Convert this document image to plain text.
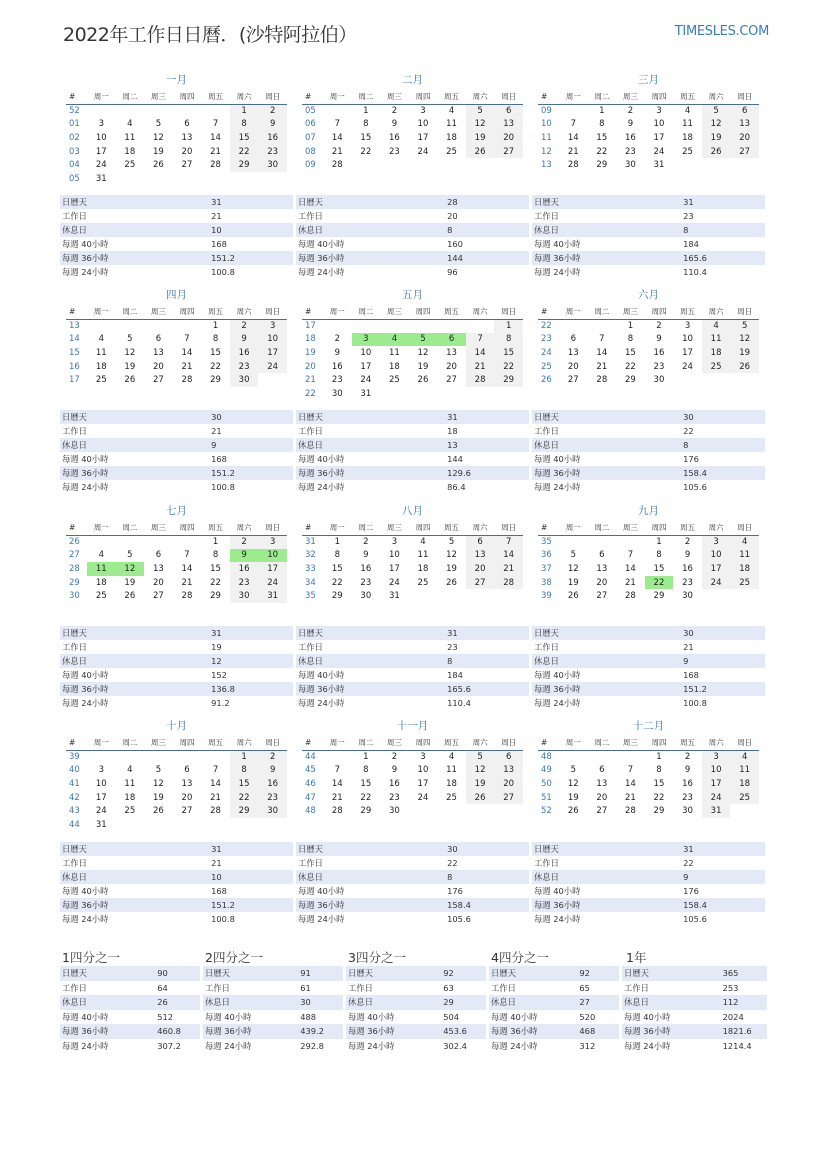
2022年工作日日曆．(沙特阿拉伯）	TIMESLES.COM
一月
#	周一	周二	周三	周四	周五	周六	周日
52						1	2
01	3	4	5	6	7	8	9
02	10	11	12	13	14	15	16
03	17	18	19	20	21	22	23
04	24	25	26	27	28	29	30
05	31						
日曆天	31
工作日	21
休息日	10
每週 40小時	168
每週 36小時	151.2
每週 24小時	100.8
二月
#	周一	周二	周三	周四	周五	周六	周日
05		1	2	3	4	5	6
06	7	8	9	10	11	12	13
07	14	15	16	17	18	19	20
08	21	22	23	24	25	26	27
09	28						
日曆天	28
工作日	20
休息日	8
每週 40小時	160
每週 36小時	144
每週 24小時	96
三月
#	周一	周二	周三	周四	周五	周六	周日
09		1	2	3	4	5	6
10	7	8	9	10	11	12	13
11	14	15	16	17	18	19	20
12	21	22	23	24	25	26	27
13	28	29	30	31			
日曆天	31
工作日	23
休息日	8
每週 40小時	184
每週 36小時	165.6
每週 24小時	110.4
四月
#	周一	周二	周三	周四	周五	周六	周日
13					1	2	3
14	4	5	6	7	8	9	10
15	11	12	13	14	15	16	17
16	18	19	20	21	22	23	24
17	25	26	27	28	29	30	
日曆天	30
工作日	21
休息日	9
每週 40小時	168
每週 36小時	151.2
每週 24小時	100.8
五月
#	周一	周二	周三	周四	周五	周六	周日
17							1
18	2	3	4	5	6	7	8
19	9	10	11	12	13	14	15
20	16	17	18	19	20	21	22
21	23	24	25	26	27	28	29
22	30	31					
日曆天	31
工作日	18
休息日	13
每週 40小時	144
每週 36小時	129.6
每週 24小時	86.4
六月
#	周一	周二	周三	周四	周五	周六	周日
22			1	2	3	4	5
23	6	7	8	9	10	11	12
24	13	14	15	16	17	18	19
25	20	21	22	23	24	25	26
26	27	28	29	30			
日曆天	30
工作日	22
休息日	8
每週 40小時	176
每週 36小時	158.4
每週 24小時	105.6
七月
#	周一	周二	周三	周四	周五	周六	周日
26					1	2	3
27	4	5	6	7	8	9	10
28	11	12	13	14	15	16	17
29	18	19	20	21	22	23	24
30	25	26	27	28	29	30	31
日曆天	31
工作日	19
休息日	12
每週 40小時	152
每週 36小時	136.8
每週 24小時	91.2
八月
#	周一	周二	周三	周四	周五	周六	周日
31	1	2	3	4	5	6	7
32	8	9	10	11	12	13	14
33	15	16	17	18	19	20	21
34	22	23	24	25	26	27	28
35	29	30	31				
日曆天	31
工作日	23
休息日	8
每週 40小時	184
每週 36小時	165.6
每週 24小時	110.4
九月
#	周一	周二	周三	周四	周五	周六	周日
35				1	2	3	4
36	5	6	7	8	9	10	11
37	12	13	14	15	16	17	18
38	19	20	21	22	23	24	25
39	26	27	28	29	30		
日曆天	30
工作日	21
休息日	9
每週 40小時	168
每週 36小時	151.2
每週 24小時	100.8
十月
#	周一	周二	周三	周四	周五	周六	周日
39						1	2
40	3	4	5	6	7	8	9
41	10	11	12	13	14	15	16
42	17	18	19	20	21	22	23
43	24	25	26	27	28	29	30
44	31						
日曆天	31
工作日	21
休息日	10
每週 40小時	168
每週 36小時	151.2
每週 24小時	100.8
十一月
#	周一	周二	周三	周四	周五	周六	周日
44		1	2	3	4	5	6
45	7	8	9	10	11	12	13
46	14	15	16	17	18	19	20
47	21	22	23	24	25	26	27
48	28	29	30				
日曆天	30
工作日	22
休息日	8
每週 40小時	176
每週 36小時	158.4
每週 24小時	105.6
十二月
#	周一	周二	周三	周四	周五	周六	周日
48				1	2	3	4
49	5	6	7	8	9	10	11
50	12	13	14	15	16	17	18
51	19	20	21	22	23	24	25
52	26	27	28	29	30	31	
日曆天	31
工作日	22
休息日	9
每週 40小時	176
每週 36小時	158.4
每週 24小時	105.6
1四分之一
日曆天	90
工作日	64
休息日	26
每週 40小時	512
每週 36小時	460.8
每週 24小時	307.2
2四分之一
日曆天	91
工作日	61
休息日	30
每週 40小時	488
每週 36小時	439.2
每週 24小時	292.8
3四分之一
日曆天	92
工作日	63
休息日	29
每週 40小時	504
每週 36小時	453.6
每週 24小時	302.4
4四分之一
日曆天	92
工作日	65
休息日	27
每週 40小時	520
每週 36小時	468
每週 24小時	312
1年
日曆天	365
工作日	253
休息日	112
每週 40小時	2024
每週 36小時	1821.6
每週 24小時	1214.4
